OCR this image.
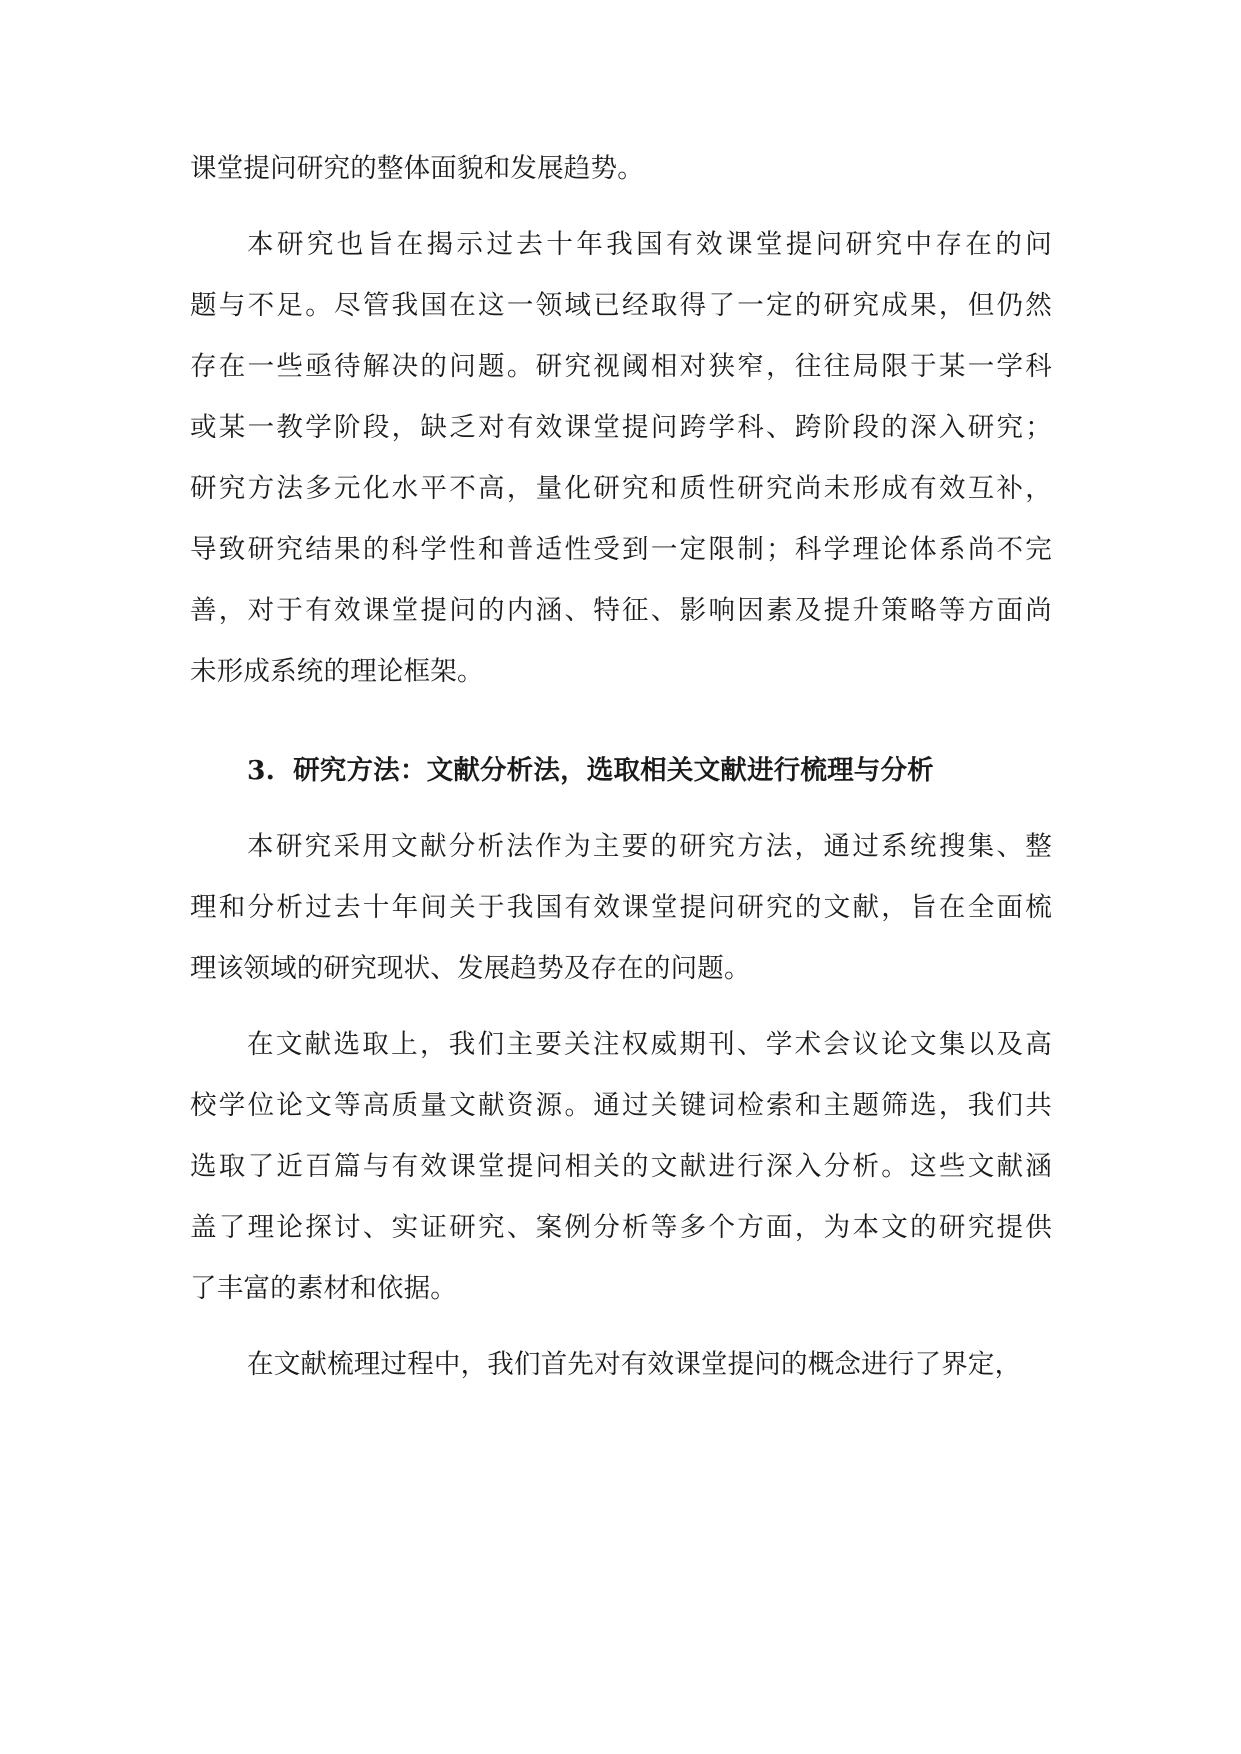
课堂提问研究的整体面貌和发展趋势。
本研究也旨在揭示过去十年我国有效课堂提问研究中存在的问
题与不足。尽管我国在这一领域已经取得了一定的研究成果，但仍然
存在一些亟待解决的问题。研究视阈相对狭窄，往往局限于某一学科
或某一教学阶段，缺乏对有效课堂提问跨学科、跨阶段的深入研究；
研究方法多元化水平不高，量化研究和质性研究尚未形成有效互补，
导致研究结果的科学性和普适性受到一定限制；科学理论体系尚不完
善，对于有效课堂提问的内涵、特征、影响因素及提升策略等方面尚
未形成系统的理论框架。
3. 研究方法：文献分析法，选取相关文献进行梳理与分析
本研究采用文献分析法作为主要的研究方法，通过系统搜集、整
理和分析过去十年间关于我国有效课堂提问研究的文献，旨在全面梳
理该领域的研究现状、发展趋势及存在的问题。
在文献选取上，我们主要关注权威期刊、学术会议论文集以及高
校学位论文等高质量文献资源。通过关键词检索和主题筛选，我们共
选取了近百篇与有效课堂提问相关的文献进行深入分析。这些文献涵
盖了理论探讨、实证研究、案例分析等多个方面，为本文的研究提供
了丰富的素材和依据。
在文献梳理过程中，我们首先对有效课堂提问的概念进行了界定，
